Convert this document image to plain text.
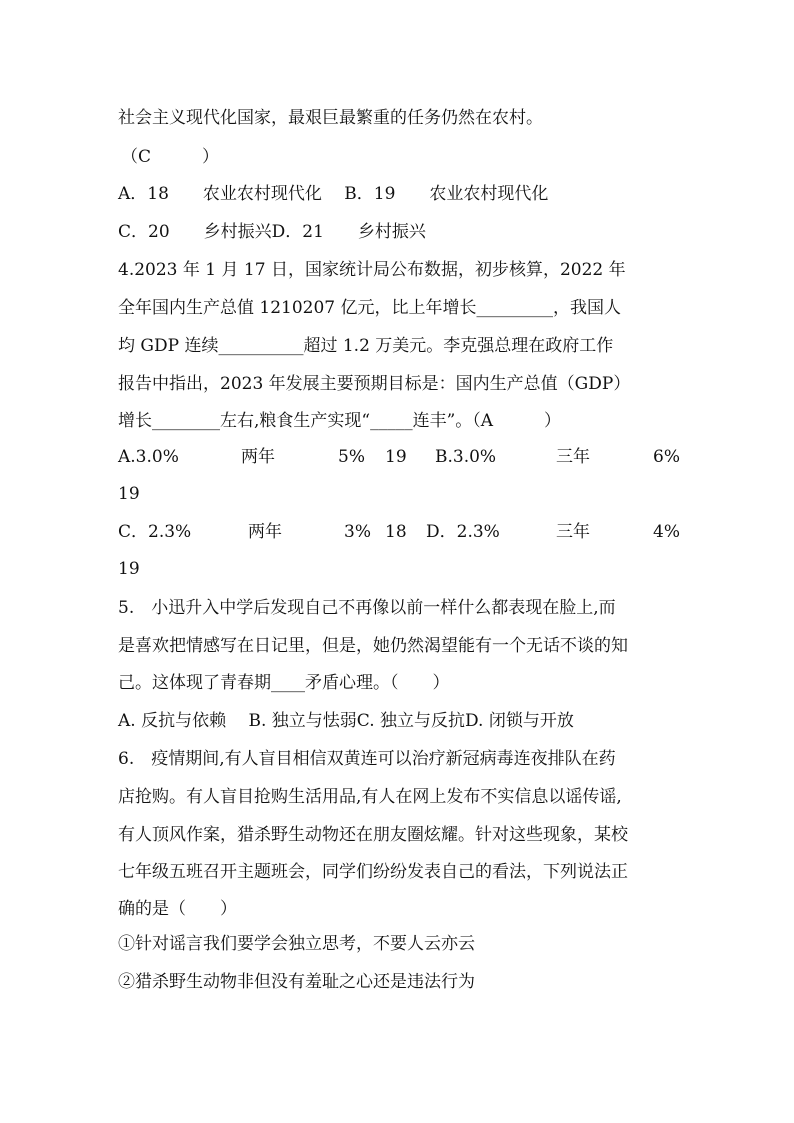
社会主义现代化国家，最艰巨最繁重的任务仍然在农村。
（C　　　）
A．18　　农业农村现代化　 B．19　　农业农村现代化
C．20　　乡村振兴D．21　　乡村振兴
4.2023 年 1 月 17 日，国家统计局公布数据，初步核算，2022 年
全年国内生产总值 1210207 亿元，比上年增长_________，我国人
均 GDP 连续__________超过 1.2 万美元。李克强总理在政府工作
报告中指出，2023 年发展主要预期目标是：国内生产总值（GDP）
增长________左右,粮食生产实现“_____连丰”。（A　　　）
A.3.0%	两年	5% 19 B.3.0%	三年	6%
19
C．2.3%	两年	3% 18 D．2.3%	三年	4%
19
5.　小迅升入中学后发现自己不再像以前一样什么都表现在脸上,而
是喜欢把情感写在日记里，但是，她仍然渴望能有一个无话不谈的知
己。这体现了青春期____矛盾心理。（　　）
A. 反抗与依赖　 B. 独立与怯弱C. 独立与反抗D. 闭锁与开放
6.　疫情期间,有人盲目相信双黄连可以治疗新冠病毒连夜排队在药
店抢购。有人盲目抢购生活用品,有人在网上发布不实信息以谣传谣,
有人顶风作案，猎杀野生动物还在朋友圈炫耀。针对这些现象，某校
七年级五班召开主题班会，同学们纷纷发表自己的看法，下列说法正
确的是（　　）
①针对谣言我们要学会独立思考，不要人云亦云
②猎杀野生动物非但没有羞耻之心还是违法行为
